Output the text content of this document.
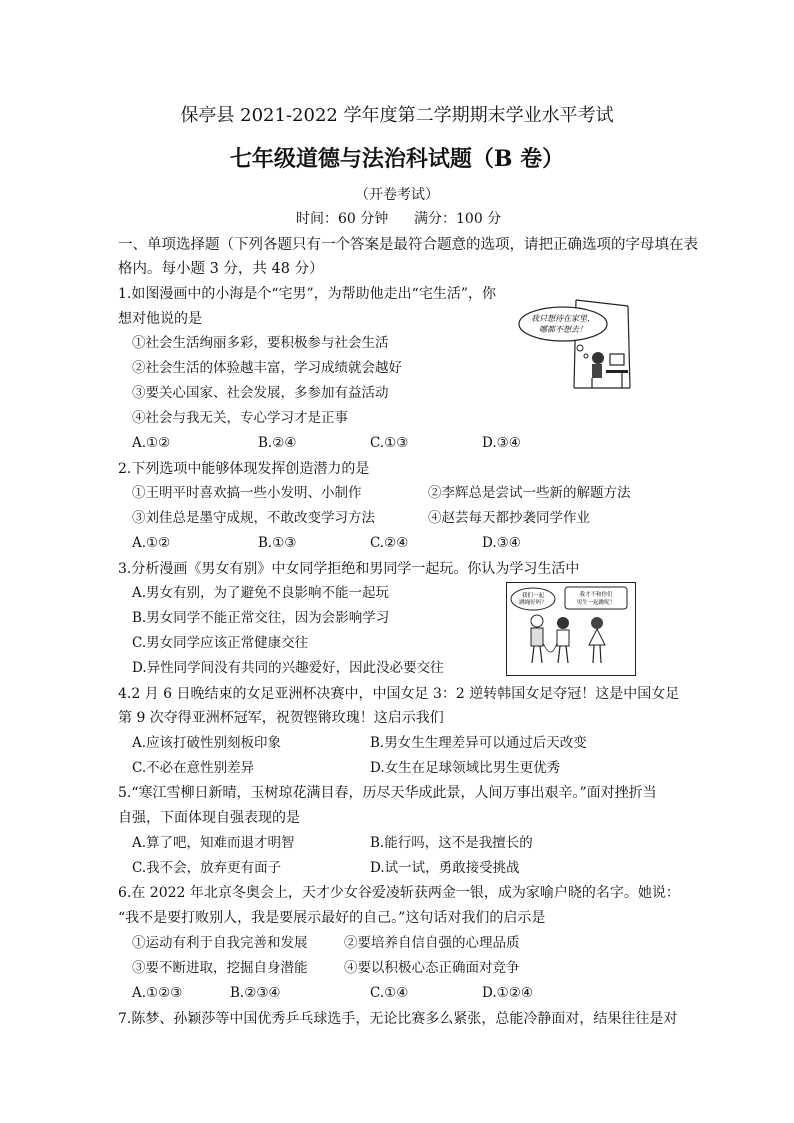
保亭县 2021-2022 学年度第二学期期末学业水平考试
七年级道德与法治科试题（B 卷）
（开卷考试）
时间：60 分钟 满分：100 分
一、单项选择题（下列各题只有一个答案是最符合题意的选项，请把正确选项的字母填在表
格内。每小题 3 分，共 48 分）
1.如图漫画中的小海是个“宅男”，为帮助他走出“宅生活”，你
想对他说的是
①社会生活绚丽多彩，要积极参与社会生活
②社会生活的体验越丰富，学习成绩就会越好
③要关心国家、社会发展，多参加有益活动
④社会与我无关，专心学习才是正事
A.①②	B.②④	C.①③	D.③④
我只想待在家里，
哪都不想去！
2.下列选项中能够体现发挥创造潜力的是
①王明平时喜欢搞一些小发明、小制作	②李辉总是尝试一些新的解题方法
③刘佳总是墨守成规，不敢改变学习方法	④赵芸每天都抄袭同学作业
A.①②	B.①③	C.②④	D.③④
3.分析漫画《男女有别》中女同学拒绝和男同学一起玩。你认为学习生活中
A.男女有别，为了避免不良影响不能一起玩
B.男女同学不能正常交往，因为会影响学习
C.男女同学应该正常健康交往
D.异性同学间没有共同的兴趣爱好，因此没必要交往
我们一起
跳绳好吗？
我才不和你们
男生一起跳呢！
4.2 月 6 日晚结束的女足亚洲杯决赛中，中国女足 3：2 逆转韩国女足夺冠！这是中国女足
第 9 次夺得亚洲杯冠军，祝贺铿锵玫瑰！这启示我们
A.应该打破性别刻板印象	B.男女生生理差异可以通过后天改变
C.不必在意性别差异	D.女生在足球领域比男生更优秀
5.“寒江雪柳日新晴，玉树琼花满目春，历尽天华成此景，人间万事出艰辛。”面对挫折当
自强，下面体现自强表现的是
A.算了吧，知难而退才明智	B.能行吗，这不是我擅长的
C.我不会，放弃更有面子	D.试一试，勇敢接受挑战
6.在 2022 年北京冬奥会上，天才少女谷爱凌斩获两金一银，成为家喻户晓的名字。她说：
“我不是要打败别人，我是要展示最好的自己。”这句话对我们的启示是
①运动有利于自我完善和发展	②要培养自信自强的心理品质
③要不断进取，挖掘自身潜能	④要以积极心态正确面对竞争
A.①②③	B.②③④	C.①④	D.①②④
7.陈梦、孙颖莎等中国优秀乒乓球选手，无论比赛多么紧张，总能冷静面对，结果往往是对
